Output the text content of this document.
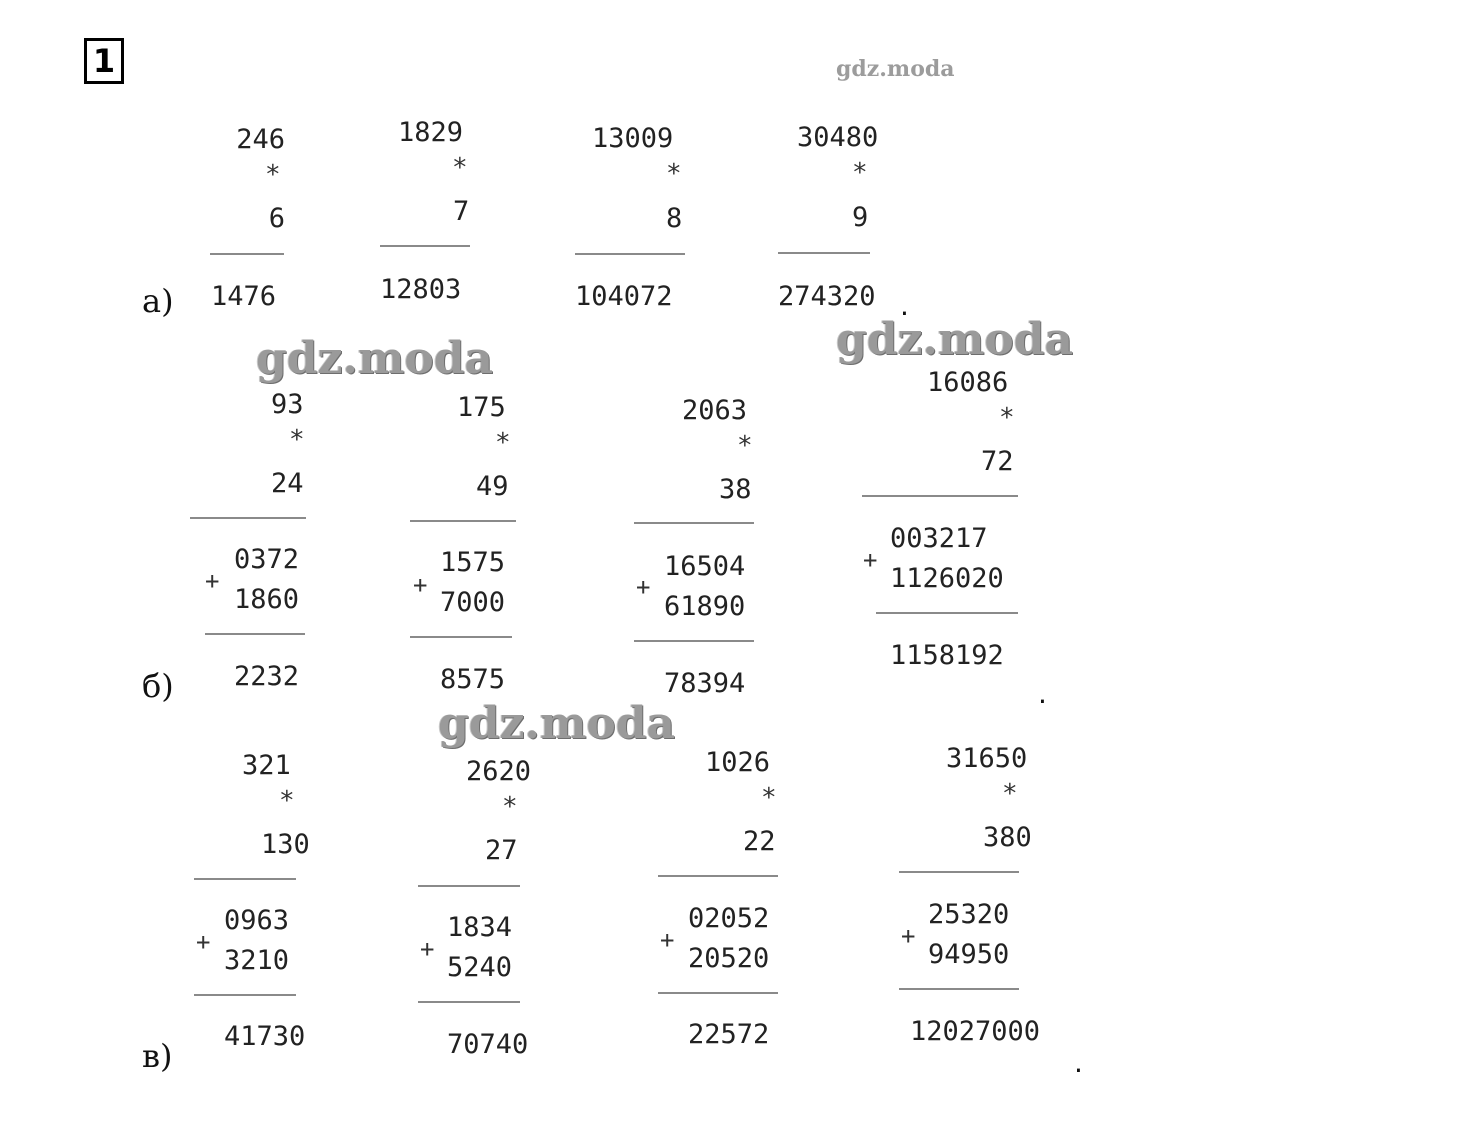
1	gdz.moda
gdz.moda
gdz.moda
gdz.moda
а)
246
*
6
1476
1829
*
7
12803
13009
*
8
104072
30480
*
9
274320 .
б)
93
*
24
+
0372
1860
2232
175
*
49
+
1575
7000
8575
2063
*
38
+
16504
61890
78394
16086
*
72
+
003217
1126020
1158192
.
в)
321
*
130
+
0963
3210
41730
2620
*
27
+
1834
5240
70740
1026
*
22
+
02052
20520
22572
31650
*
380
+
25320
94950
12027000
.
